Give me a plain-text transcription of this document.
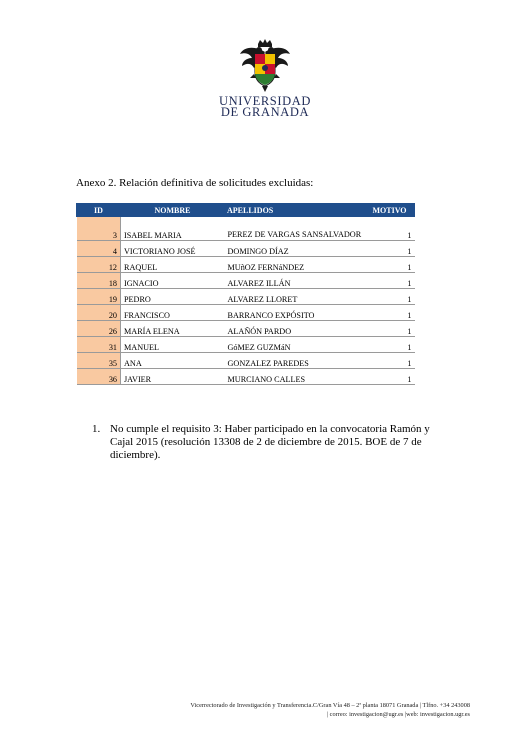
UNIVERSIDAD
DE GRANADA
Anexo 2. Relación definitiva de solicitudes excluidas:
ID	NOMBRE	APELLIDOS	MOTIVO
3	ISABEL MARIA	PEREZ DE VARGAS SANSALVADOR	1
4	VICTORIANO JOSÉ	DOMINGO DÍAZ	1
12	RAQUEL	MUñOZ FERNáNDEZ	1
18	IGNACIO	ALVAREZ ILLÁN	1
19	PEDRO	ALVAREZ LLORET	1
20	FRANCISCO	BARRANCO EXPÓSITO	1
26	MARÍA ELENA	ALAÑÓN PARDO	1
31	MANUEL	GóMEZ GUZMáN	1
35	ANA	GONZALEZ PAREDES	1
36	JAVIER	MURCIANO CALLES	1
1. No cumple el requisito 3: Haber participado en la convocatoria Ramón y Cajal 2015 (resolución 13308 de 2 de diciembre de 2015. BOE de 7 de diciembre).
Vicerrectorado de Investigación y Transferencia.C/Gran Vía 48 – 2ª planta 18071 Granada | Tlfno. +34 243008
| correo: investigacion@ugr.es |web: investigacion.ugr.es
